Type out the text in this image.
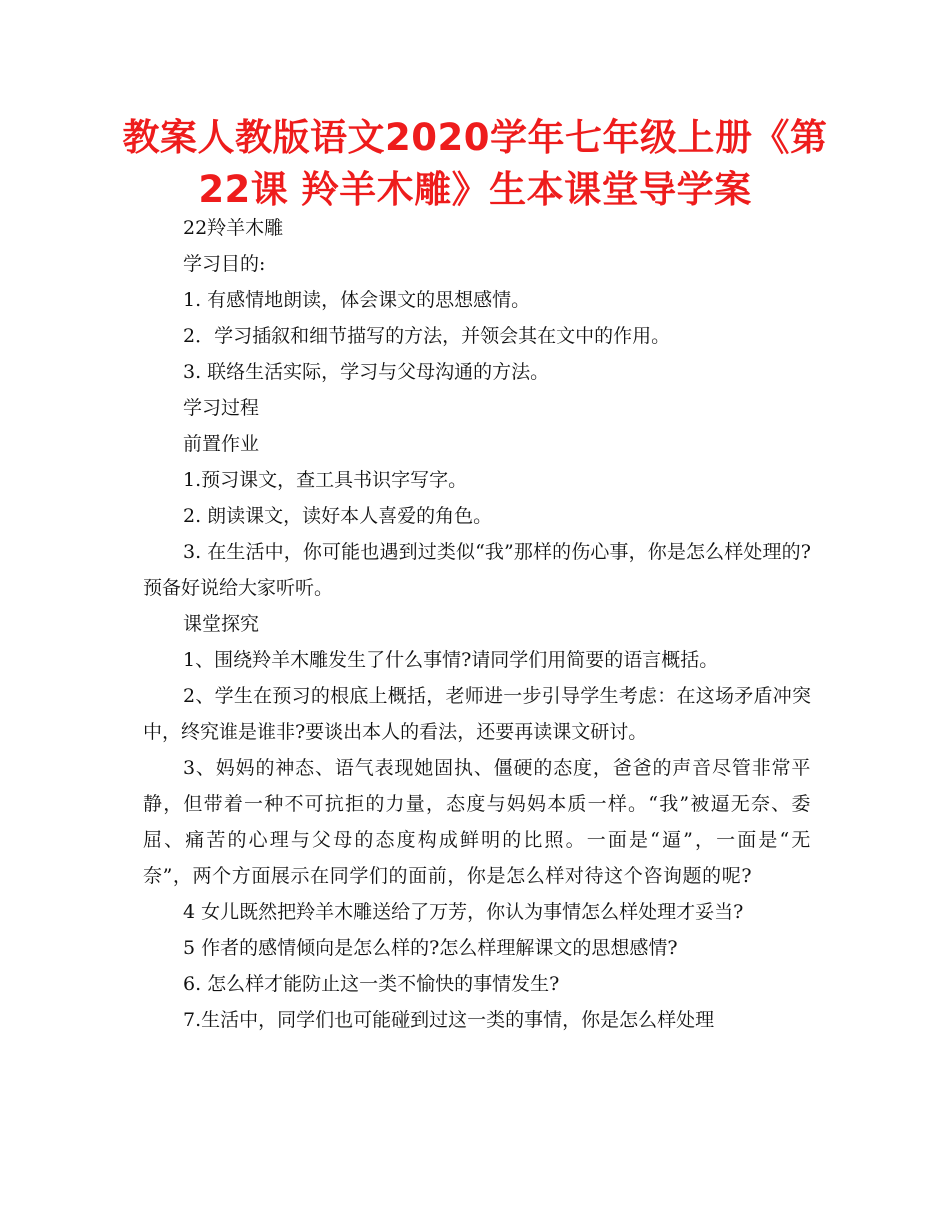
教案人教版语文2020学年七年级上册《第
22课 羚羊木雕》生本课堂导学案

22羚羊木雕

学习目的:

1. 有感情地朗读，体会课文的思想感情。

2．学习插叙和细节描写的方法，并领会其在文中的作用。

3. 联络生活实际，学习与父母沟通的方法。

学习过程

前置作业

1.预习课文，查工具书识字写字。

2. 朗读课文，读好本人喜爱的角色。

3. 在生活中，你可能也遇到过类似“我”那样的伤心事，你是怎么样处理的?预备好说给大家听听。

课堂探究

1、围绕羚羊木雕发生了什么事情?请同学们用简要的语言概括。

2、学生在预习的根底上概括，老师进一步引导学生考虑：在这场矛盾冲突中，终究谁是谁非?要谈出本人的看法，还要再读课文研讨。

3、妈妈的神态、语气表现她固执、僵硬的态度，爸爸的声音尽管非常平静，但带着一种不可抗拒的力量，态度与妈妈本质一样。“我”被逼无奈、委屈、痛苦的心理与父母的态度构成鲜明的比照。一面是“逼”，一面是“无奈”，两个方面展示在同学们的面前，你是怎么样对待这个咨询题的呢?

4 女儿既然把羚羊木雕送给了万芳，你认为事情怎么样处理才妥当?

5 作者的感情倾向是怎么样的?怎么样理解课文的思想感情?

6. 怎么样才能防止这一类不愉快的事情发生?

7.生活中，同学们也可能碰到过这一类的事情，你是怎么样处理
